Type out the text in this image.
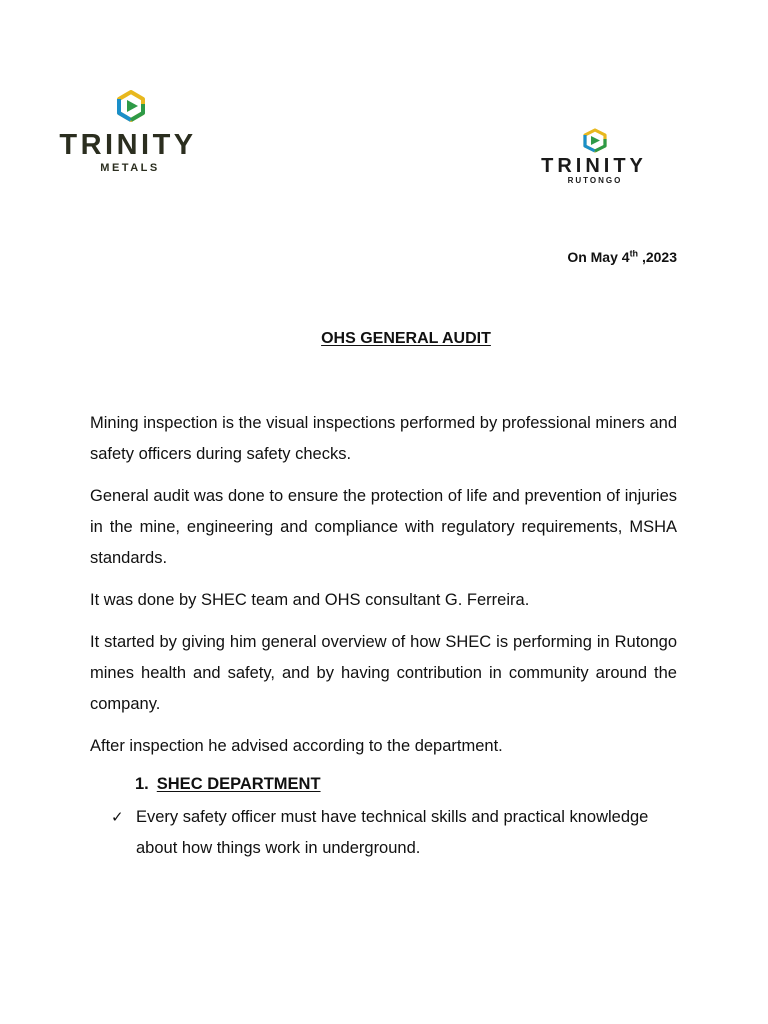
TRINITY
METALS	TRINITY
RUTONGO
On May 4th ,2023
OHS GENERAL AUDIT

Mining inspection is the visual inspections performed by professional miners and safety officers during safety checks.

General audit was done to ensure the protection of life and prevention of injuries in the mine, engineering and compliance with regulatory requirements, MSHA standards.

It was done by SHEC team and OHS consultant G. Ferreira.

It started by giving him general overview of how SHEC is performing in Rutongo mines health and safety, and by having contribution in community around the company.

After inspection he advised according to the department.

1. SHEC DEPARTMENT
✓ Every safety officer must have technical skills and practical knowledge about how things work in underground.
